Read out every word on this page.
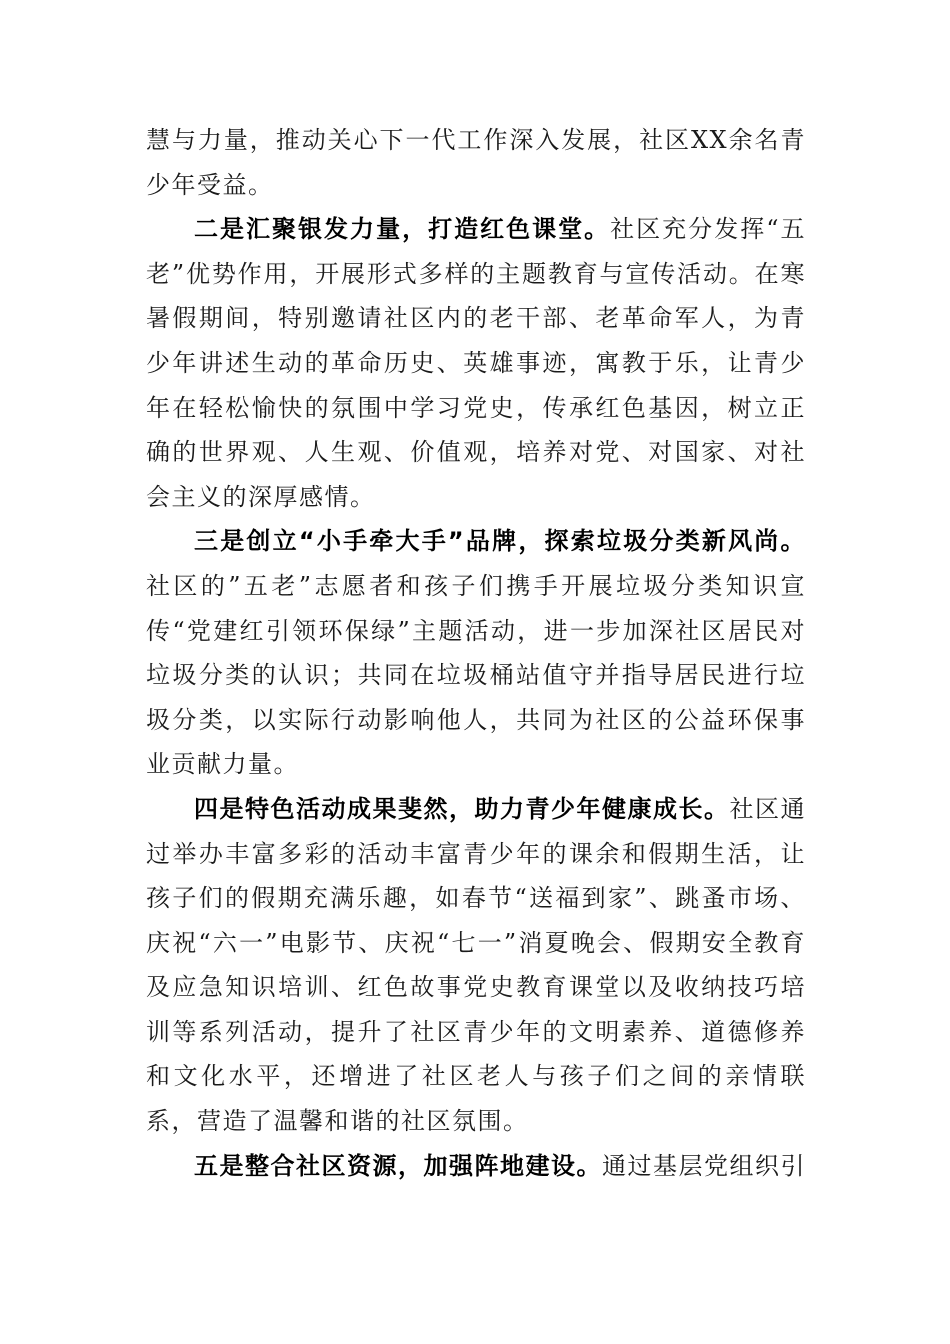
慧与力量，推动关心下一代工作深入发展，社区XX余名青少年受益。

二是汇聚银发力量，打造红色课堂。社区充分发挥“五老”优势作用，开展形式多样的主题教育与宣传活动。在寒暑假期间，特别邀请社区内的老干部、老革命军人，为青少年讲述生动的革命历史、英雄事迹，寓教于乐，让青少年在轻松愉快的氛围中学习党史，传承红色基因，树立正确的世界观、人生观、价值观，培养对党、对国家、对社会主义的深厚感情。

三是创立“小手牵大手”品牌，探索垃圾分类新风尚。社区的”五老”志愿者和孩子们携手开展垃圾分类知识宣传“党建红引领环保绿”主题活动，进一步加深社区居民对垃圾分类的认识；共同在垃圾桶站值守并指导居民进行垃圾分类，以实际行动影响他人，共同为社区的公益环保事业贡献力量。

四是特色活动成果斐然，助力青少年健康成长。社区通过举办丰富多彩的活动丰富青少年的课余和假期生活，让孩子们的假期充满乐趣，如春节“送福到家”、跳蚤市场、庆祝“六一”电影节、庆祝“七一”消夏晚会、假期安全教育及应急知识培训、红色故事党史教育课堂以及收纳技巧培训等系列活动，提升了社区青少年的文明素养、道德修养和文化水平，还增进了社区老人与孩子们之间的亲情联系，营造了温馨和谐的社区氛围。

五是整合社区资源，加强阵地建设。通过基层党组织引
